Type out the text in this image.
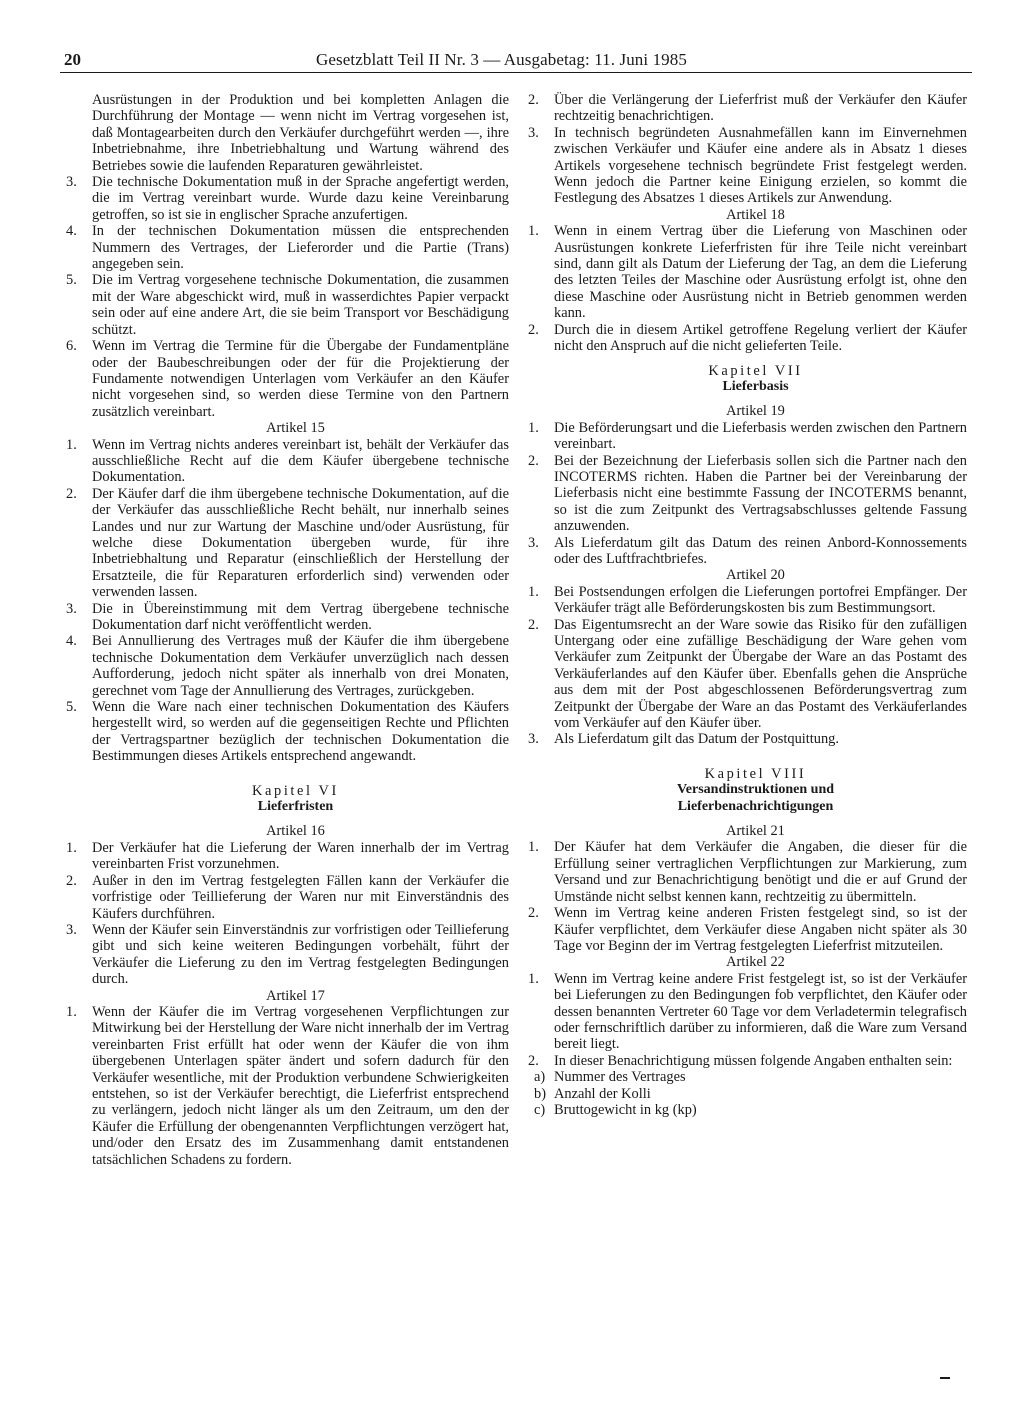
20	Gesetzblatt Teil II Nr. 3 — Ausgabetag: 11. Juni 1985

Ausrüstungen in der Produktion und bei kompletten Anlagen die Durchführung der Montage — wenn nicht im Vertrag vorgesehen ist, daß Montagearbeiten durch den Verkäufer durchgeführt werden —, ihre Inbetriebnahme, ihre Inbetriebhaltung und Wartung während des Betriebes sowie die laufenden Reparaturen gewährleistet.

3. Die technische Dokumentation muß in der Sprache angefertigt werden, die im Vertrag vereinbart wurde. Wurde dazu keine Vereinbarung getroffen, so ist sie in englischer Sprache anzufertigen.

4. In der technischen Dokumentation müssen die entsprechenden Nummern des Vertrages, der Lieferorder und die Partie (Trans) angegeben sein.

5. Die im Vertrag vorgesehene technische Dokumentation, die zusammen mit der Ware abgeschickt wird, muß in wasserdichtes Papier verpackt sein oder auf eine andere Art, die sie beim Transport vor Beschädigung schützt.

6. Wenn im Vertrag die Termine für die Übergabe der Fundamentpläne oder der Baubeschreibungen oder der für die Projektierung der Fundamente notwendigen Unterlagen vom Verkäufer an den Käufer nicht vorgesehen sind, so werden diese Termine von den Partnern zusätzlich vereinbart.

Artikel 15

1. Wenn im Vertrag nichts anderes vereinbart ist, behält der Verkäufer das ausschließliche Recht auf die dem Käufer übergebene technische Dokumentation.

2. Der Käufer darf die ihm übergebene technische Dokumentation, auf die der Verkäufer das ausschließliche Recht behält, nur innerhalb seines Landes und nur zur Wartung der Maschine und/oder Ausrüstung, für welche diese Dokumentation übergeben wurde, für ihre Inbetriebhaltung und Reparatur (einschließlich der Herstellung der Ersatzteile, die für Reparaturen erforderlich sind) verwenden oder verwenden lassen.

3. Die in Übereinstimmung mit dem Vertrag übergebene technische Dokumentation darf nicht veröffentlicht werden.

4. Bei Annullierung des Vertrages muß der Käufer die ihm übergebene technische Dokumentation dem Verkäufer unverzüglich nach dessen Aufforderung, jedoch nicht später als innerhalb von drei Monaten, gerechnet vom Tage der Annullierung des Vertrages, zurückgeben.

5. Wenn die Ware nach einer technischen Dokumentation des Käufers hergestellt wird, so werden auf die gegenseitigen Rechte und Pflichten der Vertragspartner bezüglich der technischen Dokumentation die Bestimmungen dieses Artikels entsprechend angewandt.

Kapitel VI

Lieferfristen

Artikel 16

1. Der Verkäufer hat die Lieferung der Waren innerhalb der im Vertrag vereinbarten Frist vorzunehmen.

2. Außer in den im Vertrag festgelegten Fällen kann der Verkäufer die vorfristige oder Teillieferung der Waren nur mit Einverständnis des Käufers durchführen.

3. Wenn der Käufer sein Einverständnis zur vorfristigen oder Teillieferung gibt und sich keine weiteren Bedingungen vorbehält, führt der Verkäufer die Lieferung zu den im Vertrag festgelegten Bedingungen durch.

Artikel 17

1. Wenn der Käufer die im Vertrag vorgesehenen Verpflichtungen zur Mitwirkung bei der Herstellung der Ware nicht innerhalb der im Vertrag vereinbarten Frist erfüllt hat oder wenn der Käufer die von ihm übergebenen Unterlagen später ändert und sofern dadurch für den Verkäufer wesentliche, mit der Produktion verbundene Schwierigkeiten entstehen, so ist der Verkäufer berechtigt, die Lieferfrist entsprechend zu verlängern, jedoch nicht länger als um den Zeitraum, um den der Käufer die Erfüllung der obengenannten Verpflichtungen verzögert hat, und/oder den Ersatz des im Zusammenhang damit entstandenen tatsächlichen Schadens zu fordern.

2. Über die Verlängerung der Lieferfrist muß der Verkäufer den Käufer rechtzeitig benachrichtigen.

3. In technisch begründeten Ausnahmefällen kann im Einvernehmen zwischen Verkäufer und Käufer eine andere als in Absatz 1 dieses Artikels vorgesehene technisch begründete Frist festgelegt werden. Wenn jedoch die Partner keine Einigung erzielen, so kommt die Festlegung des Absatzes 1 dieses Artikels zur Anwendung.

Artikel 18

1. Wenn in einem Vertrag über die Lieferung von Maschinen oder Ausrüstungen konkrete Lieferfristen für ihre Teile nicht vereinbart sind, dann gilt als Datum der Lieferung der Tag, an dem die Lieferung des letzten Teiles der Maschine oder Ausrüstung erfolgt ist, ohne den diese Maschine oder Ausrüstung nicht in Betrieb genommen werden kann.

2. Durch die in diesem Artikel getroffene Regelung verliert der Käufer nicht den Anspruch auf die nicht gelieferten Teile.

Kapitel VII

Lieferbasis

Artikel 19

1. Die Beförderungsart und die Lieferbasis werden zwischen den Partnern vereinbart.

2. Bei der Bezeichnung der Lieferbasis sollen sich die Partner nach den INCOTERMS richten. Haben die Partner bei der Vereinbarung der Lieferbasis nicht eine bestimmte Fassung der INCOTERMS benannt, so ist die zum Zeitpunkt des Vertragsabschlusses geltende Fassung anzuwenden.

3. Als Lieferdatum gilt das Datum des reinen Anbord-Konnossements oder des Luftfrachtbriefes.

Artikel 20

1. Bei Postsendungen erfolgen die Lieferungen portofrei Empfänger. Der Verkäufer trägt alle Beförderungskosten bis zum Bestimmungsort.

2. Das Eigentumsrecht an der Ware sowie das Risiko für den zufälligen Untergang oder eine zufällige Beschädigung der Ware gehen vom Verkäufer zum Zeitpunkt der Übergabe der Ware an das Postamt des Verkäuferlandes auf den Käufer über. Ebenfalls gehen die Ansprüche aus dem mit der Post abgeschlossenen Beförderungsvertrag zum Zeitpunkt der Übergabe der Ware an das Postamt des Verkäuferlandes vom Verkäufer auf den Käufer über.

3. Als Lieferdatum gilt das Datum der Postquittung.

Kapitel VIII

Versandinstruktionen und

Lieferbenachrichtigungen

Artikel 21

1. Der Käufer hat dem Verkäufer die Angaben, die dieser für die Erfüllung seiner vertraglichen Verpflichtungen zur Markierung, zum Versand und zur Benachrichtigung benötigt und die er auf Grund der Umstände nicht selbst kennen kann, rechtzeitig zu übermitteln.

2. Wenn im Vertrag keine anderen Fristen festgelegt sind, so ist der Käufer verpflichtet, dem Verkäufer diese Angaben nicht später als 30 Tage vor Beginn der im Vertrag festgelegten Lieferfrist mitzuteilen.

Artikel 22

1. Wenn im Vertrag keine andere Frist festgelegt ist, so ist der Verkäufer bei Lieferungen zu den Bedingungen fob verpflichtet, den Käufer oder dessen benannten Vertreter 60 Tage vor dem Verladetermin telegrafisch oder fernschriftlich darüber zu informieren, daß die Ware zum Versand bereit liegt.

2. In dieser Benachrichtigung müssen folgende Angaben enthalten sein:

a) Nummer des Vertrages

b) Anzahl der Kolli

c) Bruttogewicht in kg (kp)
